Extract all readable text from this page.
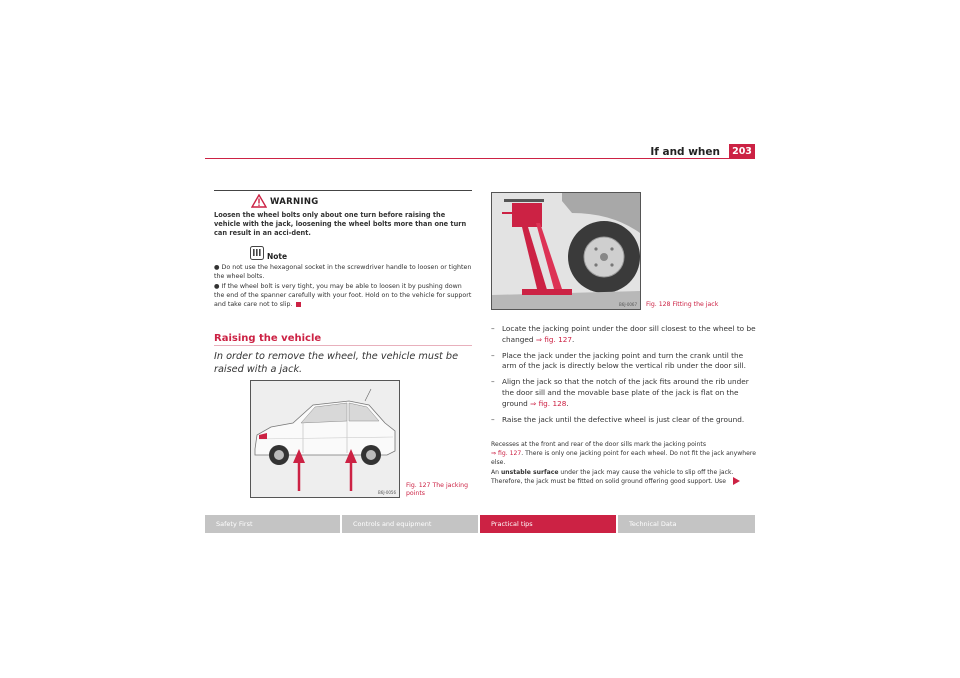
If and when	203
WARNING
Loosen the wheel bolts only about one turn before raising the vehicle with the jack, loosening the wheel bolts more than one turn can result in an acci-dent.
Note

● Do not use the hexagonal socket in the screwdriver handle to loosen or tighten the wheel bolts.

● If the wheel bolt is very tight, you may be able to loosen it by pushing down the end of the spanner carefully with your foot. Hold on to the vehicle for support and take care not to slip.

Raising the vehicle
In order to remove the wheel, the vehicle must be raised with a jack.
B6J-0056
Fig. 127 The jacking points
B6J-0067 Fig. 128 Fitting the jack
– Locate the jacking point under the door sill closest to the wheel to be changed ⇒ fig. 127.
– Place the jack under the jacking point and turn the crank until the arm of the jack is directly below the vertical rib under the door sill.
– Align the jack so that the notch of the jack fits around the rib under the door sill and the movable base plate of the jack is flat on the ground ⇒ fig. 128.
– Raise the jack until the defective wheel is just clear of the ground.

Recesses at the front and rear of the door sills mark the jacking points
⇒ fig. 127. There is only one jacking point for each wheel. Do not fit the jack anywhere else.

An unstable surface under the jack may cause the vehicle to slip off the jack. Therefore, the jack must be fitted on solid ground offering good support. Use

Safety First	Controls and equipment	Practical tips	Technical Data
